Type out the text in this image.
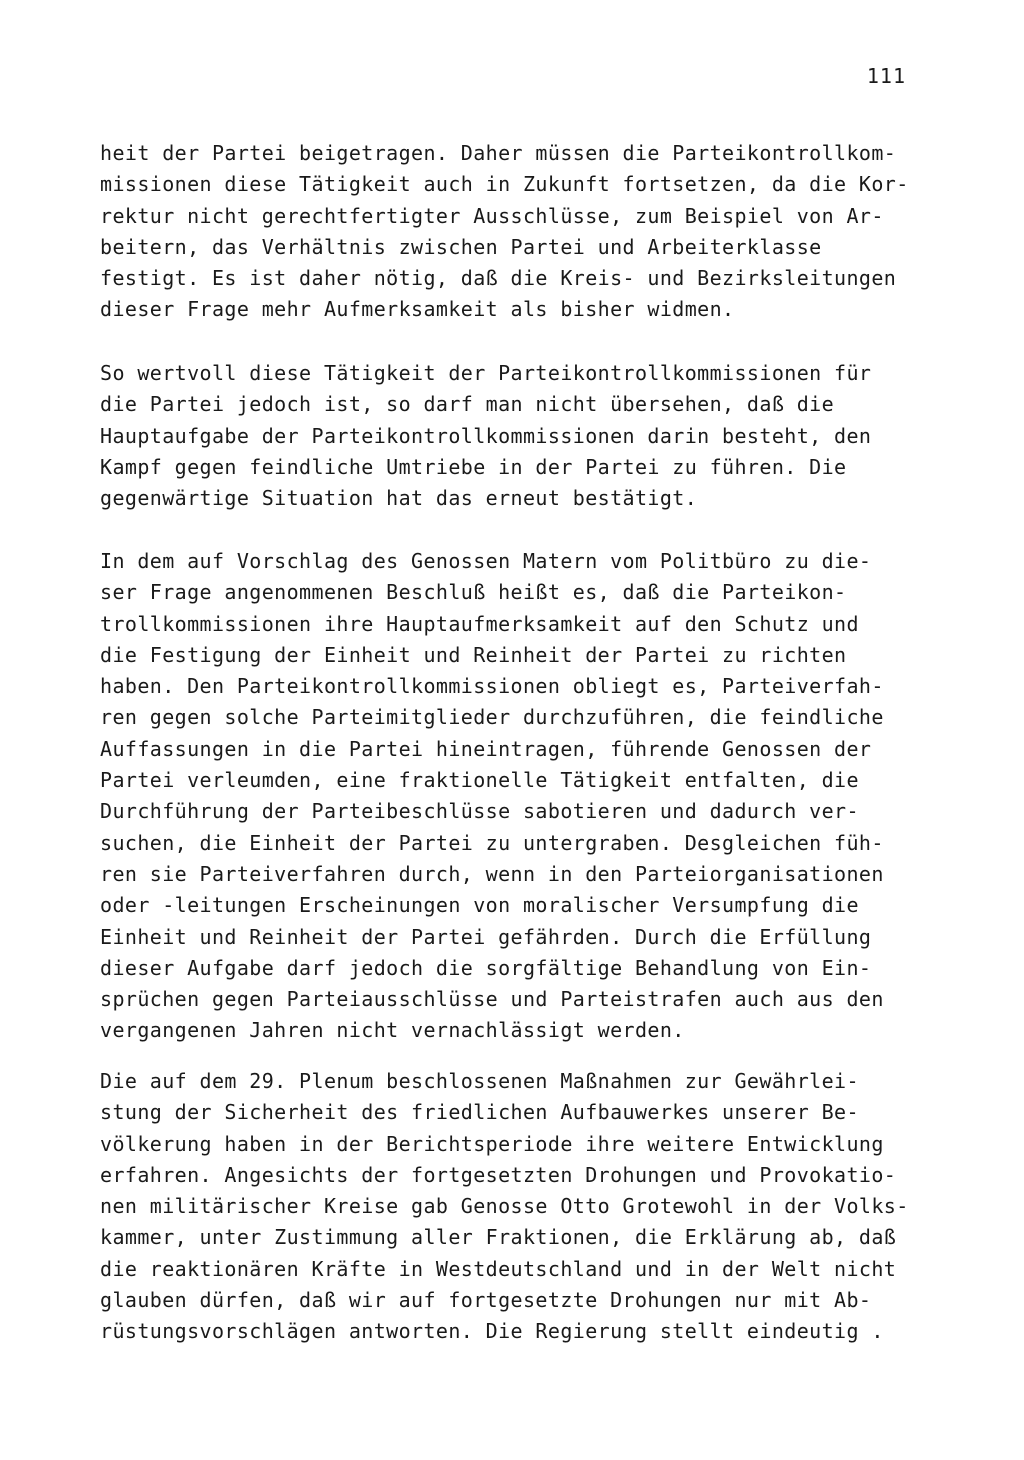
111
heit der Partei beigetragen. Daher müssen die Parteikontrollkom-
missionen diese Tätigkeit auch in Zukunft fortsetzen, da die Kor-
rektur nicht gerechtfertigter Ausschlüsse, zum Beispiel von Ar-
beitern, das Verhältnis zwischen Partei und Arbeiterklasse
festigt. Es ist daher nötig, daß die Kreis- und Bezirksleitungen
dieser Frage mehr Aufmerksamkeit als bisher widmen.
So wertvoll diese Tätigkeit der Parteikontrollkommissionen für
die Partei jedoch ist, so darf man nicht übersehen, daß die
Hauptaufgabe der Parteikontrollkommissionen darin besteht, den
Kampf gegen feindliche Umtriebe in der Partei zu führen. Die
gegenwärtige Situation hat das erneut bestätigt.
In dem auf Vorschlag des Genossen Matern vom Politbüro zu die-
ser Frage angenommenen Beschluß heißt es, daß die Parteikon-
trollkommissionen ihre Hauptaufmerksamkeit auf den Schutz und
die Festigung der Einheit und Reinheit der Partei zu richten
haben. Den Parteikontrollkommissionen obliegt es, Parteiverfah-
ren gegen solche Parteimitglieder durchzuführen, die feindliche
Auffassungen in die Partei hineintragen, führende Genossen der
Partei verleumden, eine fraktionelle Tätigkeit entfalten, die
Durchführung der Parteibeschlüsse sabotieren und dadurch ver-
suchen, die Einheit der Partei zu untergraben. Desgleichen füh-
ren sie Parteiverfahren durch, wenn in den Parteiorganisationen
oder -leitungen Erscheinungen von moralischer Versumpfung die
Einheit und Reinheit der Partei gefährden. Durch die Erfüllung
dieser Aufgabe darf jedoch die sorgfältige Behandlung von Ein-
sprüchen gegen Parteiausschlüsse und Parteistrafen auch aus den
vergangenen Jahren nicht vernachlässigt werden.
Die auf dem 29. Plenum beschlossenen Maßnahmen zur Gewährlei-
stung der Sicherheit des friedlichen Aufbauwerkes unserer Be-
völkerung haben in der Berichtsperiode ihre weitere Entwicklung
erfahren. Angesichts der fortgesetzten Drohungen und Provokatio-
nen militärischer Kreise gab Genosse Otto Grotewohl in der Volks-
kammer, unter Zustimmung aller Fraktionen, die Erklärung ab, daß
die reaktionären Kräfte in Westdeutschland und in der Welt nicht
glauben dürfen, daß wir auf fortgesetzte Drohungen nur mit Ab-
rüstungsvorschlägen antworten. Die Regierung stellt eindeutig .
